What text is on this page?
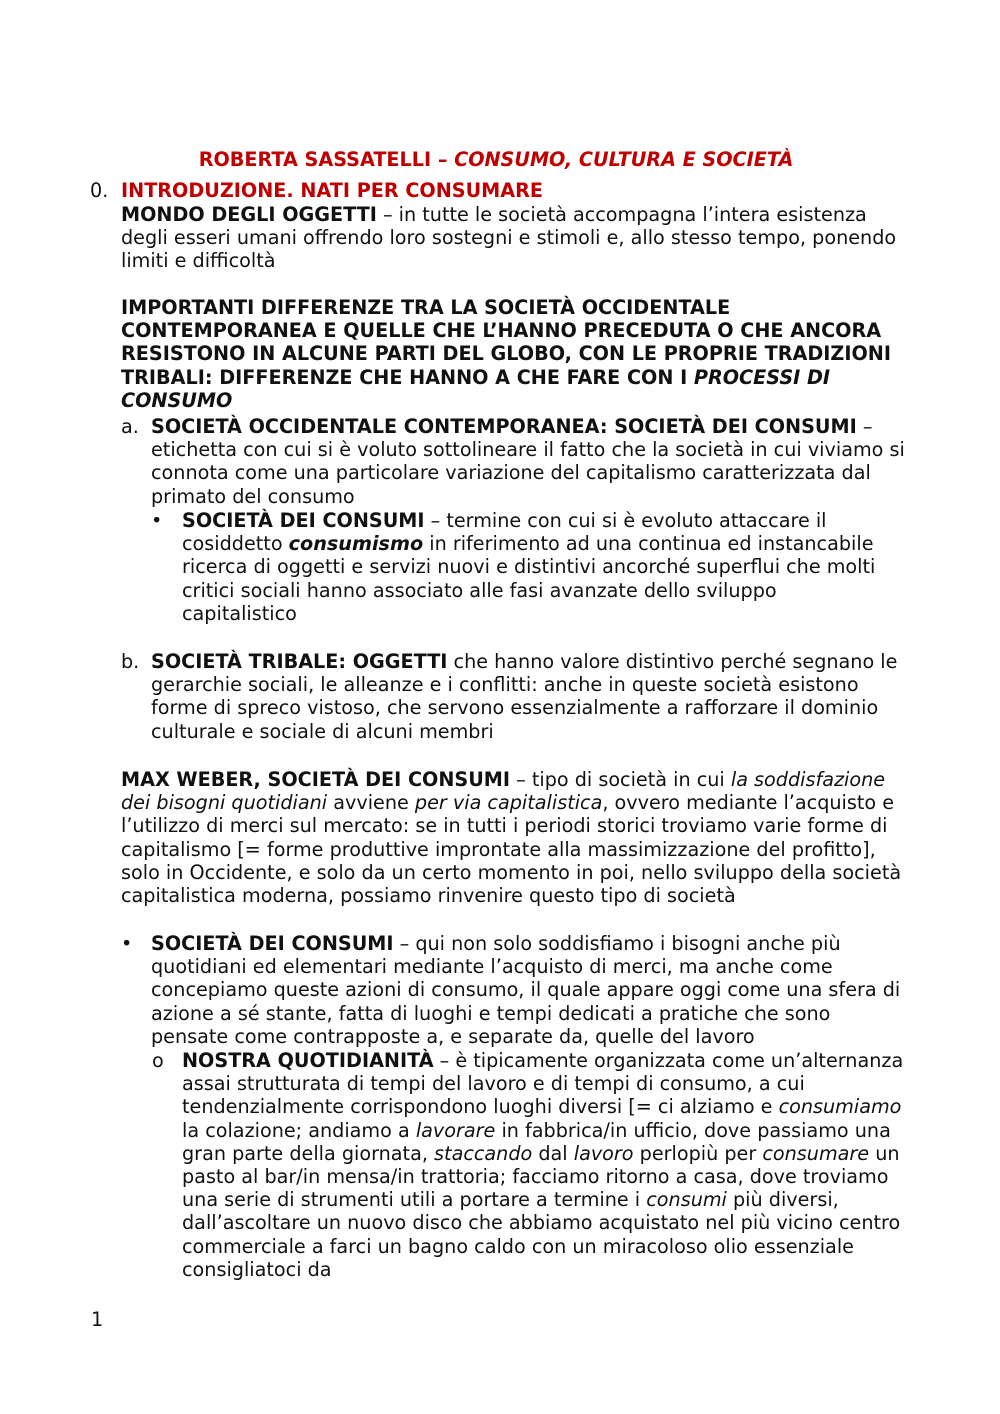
ROBERTA SASSATELLI – CONSUMO, CULTURA E SOCIETÀ
0. INTRODUZIONE. NATI PER CONSUMARE
MONDO DEGLI OGGETTI – in tutte le società accompagna l’intera esistenza degli esseri umani offrendo loro sostegni e stimoli e, allo stesso tempo, ponendo limiti e difficoltà
IMPORTANTI DIFFERENZE TRA LA SOCIETÀ OCCIDENTALE CONTEMPORANEA E QUELLE CHE L’HANNO PRECEDUTA O CHE ANCORA RESISTONO IN ALCUNE PARTI DEL GLOBO, CON LE PROPRIE TRADIZIONI TRIBALI: DIFFERENZE CHE HANNO A CHE FARE CON I PROCESSI DI CONSUMO
a. SOCIETÀ OCCIDENTALE CONTEMPORANEA: SOCIETÀ DEI CONSUMI – etichetta con cui si è voluto sottolineare il fatto che la società in cui viviamo si connota come una particolare variazione del capitalismo caratterizzata dal primato del consumo
• SOCIETÀ DEI CONSUMI – termine con cui si è evoluto attaccare il cosiddetto consumismo in riferimento ad una continua ed instancabile ricerca di oggetti e servizi nuovi e distintivi ancorché superflui che molti critici sociali hanno associato alle fasi avanzate dello sviluppo capitalistico
b. SOCIETÀ TRIBALE: OGGETTI che hanno valore distintivo perché segnano le gerarchie sociali, le alleanze e i conflitti: anche in queste società esistono forme di spreco vistoso, che servono essenzialmente a rafforzare il dominio culturale e sociale di alcuni membri
MAX WEBER, SOCIETÀ DEI CONSUMI – tipo di società in cui la soddisfazione dei bisogni quotidiani avviene per via capitalistica, ovvero mediante l’acquisto e l’utilizzo di merci sul mercato: se in tutti i periodi storici troviamo varie forme di capitalismo [= forme produttive improntate alla massimizzazione del profitto], solo in Occidente, e solo da un certo momento in poi, nello sviluppo della società capitalistica moderna, possiamo rinvenire questo tipo di società
• SOCIETÀ DEI CONSUMI – qui non solo soddisfiamo i bisogni anche più quotidiani ed elementari mediante l’acquisto di merci, ma anche come concepiamo queste azioni di consumo, il quale appare oggi come una sfera di azione a sé stante, fatta di luoghi e tempi dedicati a pratiche che sono pensate come contrapposte a, e separate da, quelle del lavoro
o NOSTRA QUOTIDIANITÀ – è tipicamente organizzata come un’alternanza assai strutturata di tempi del lavoro e di tempi di consumo, a cui tendenzialmente corrispondono luoghi diversi [= ci alziamo e consumiamo la colazione; andiamo a lavorare in fabbrica/in ufficio, dove passiamo una gran parte della giornata, staccando dal lavoro perlopiù per consumare un pasto al bar/in mensa/in trattoria; facciamo ritorno a casa, dove troviamo una serie di strumenti utili a portare a termine i consumi più diversi, dall’ascoltare un nuovo disco che abbiamo acquistato nel più vicino centro commerciale a farci un bagno caldo con un miracoloso olio essenziale consigliatoci da
1
